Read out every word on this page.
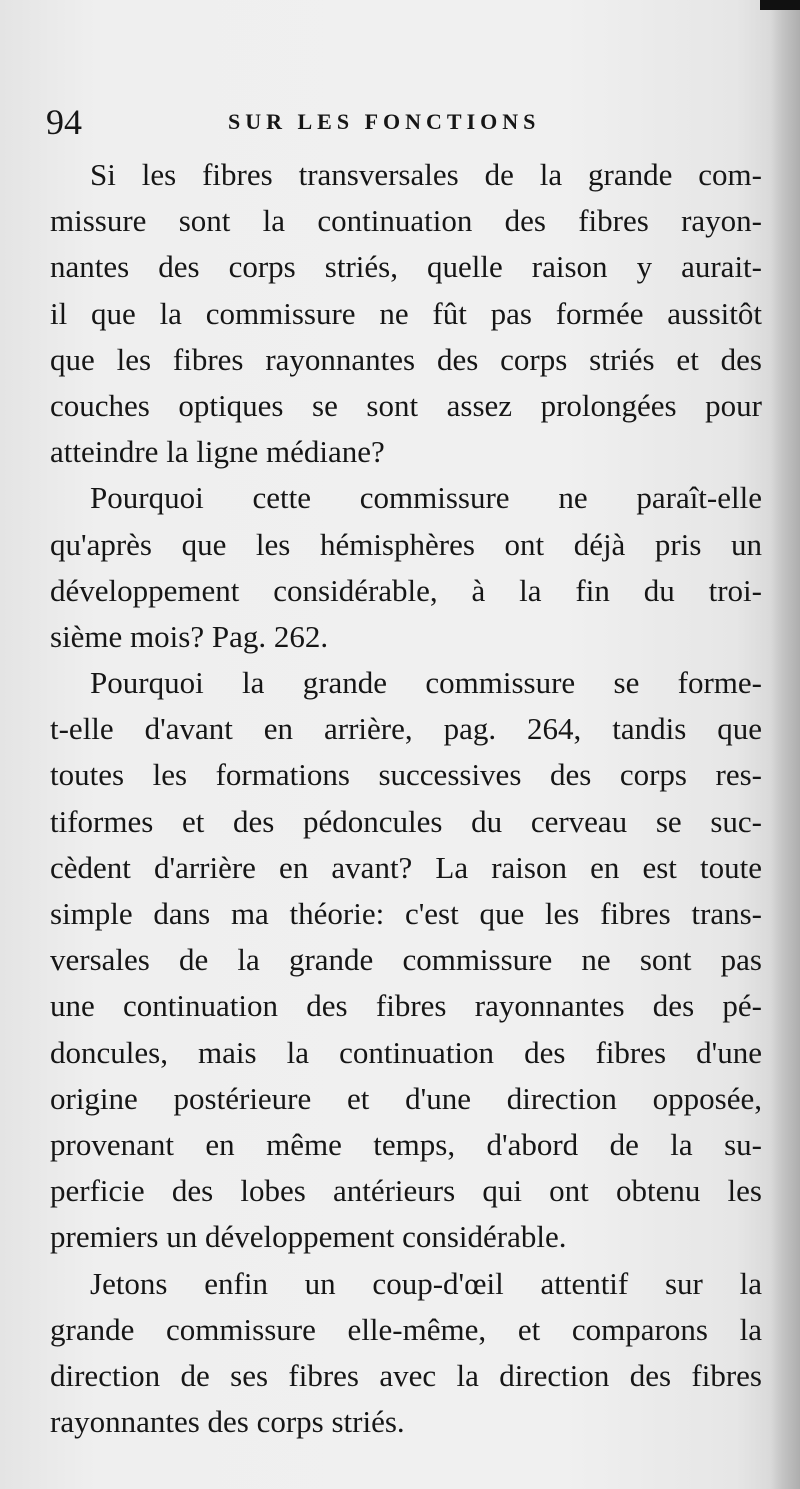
94	SUR LES FONCTIONS
Si les fibres transversales de la grande com-
missure sont la continuation des fibres rayon-
nantes des corps striés, quelle raison y aurait-
il que la commissure ne fût pas formée aussitôt
que les fibres rayonnantes des corps striés et des
couches optiques se sont assez prolongées pour
atteindre la ligne médiane?
Pourquoi cette commissure ne paraît-elle
qu'après que les hémisphères ont déjà pris un
développement considérable, à la fin du troi-
sième mois? Pag. 262.
Pourquoi la grande commissure se forme-
t-elle d'avant en arrière, pag. 264, tandis que
toutes les formations successives des corps res-
tiformes et des pédoncules du cerveau se suc-
cèdent d'arrière en avant? La raison en est toute
simple dans ma théorie: c'est que les fibres trans-
versales de la grande commissure ne sont pas
une continuation des fibres rayonnantes des pé-
doncules, mais la continuation des fibres d'une
origine postérieure et d'une direction opposée,
provenant en même temps, d'abord de la su-
perficie des lobes antérieurs qui ont obtenu les
premiers un développement considérable.
Jetons enfin un coup-d'œil attentif sur la
grande commissure elle-même, et comparons la
direction de ses fibres avec la direction des fibres
rayonnantes des corps striés.
